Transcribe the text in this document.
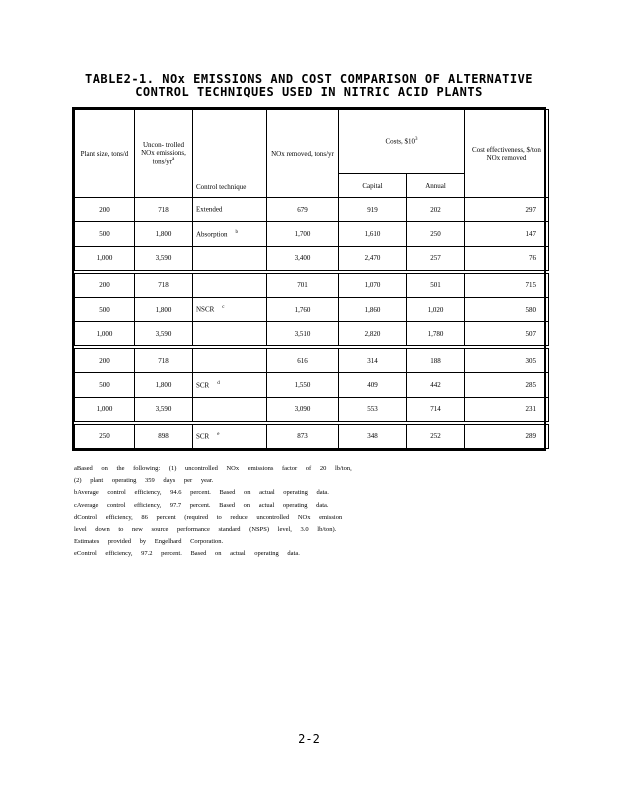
TABLE2-1. NOx EMISSIONS AND COST COMPARISON OF ALTERNATIVE
CONTROL TECHNIQUES USED IN NITRIC ACID PLANTS
Plant size, tons/d	Uncon- trolled NOx emissions, tons/$yr^a$	Control technique	NOx removed, tons/yr	Costs, $\$10^3$		Cost effectiveness, $/ton NOx removed
				Capital	Annual	
200	718	Extended	679	919	202	297
500	1,800	Absorption $^b$	1,700	1,610	250	147
1,000	3,590		3,400	2,470	257	76

200	718		701	1,070	501	715
500	1,800	NSCR $^c$	1,760	1,860	1,020	580
1,000	3,590		3,510	2,820	1,780	507

200	718		616	314	188	305
500	1,800	SCR $^d$	1,550	409	442	285
1,000	3,590		3,090	553	714	231

250	898	SCR $^e$	873	348	252	289
aBased on the following: (1) uncontrolled NOx emissions factor of 20 lb/ton,
(2) plant operating 359 days per year.
bAverage control efficiency, 94.6 percent. Based on actual operating data.
cAverage control efficiency, 97.7 percent. Based on actual operating data.
dControl efficiency, 86 percent (required to reduce uncontrolled NOx emission
level down to new source performance standard (NSPS) level, 3.0 lb/ton).
Estimates provided by Engelhard Corporation.
eControl efficiency, 97.2 percent. Based on actual operating data.
2-2
